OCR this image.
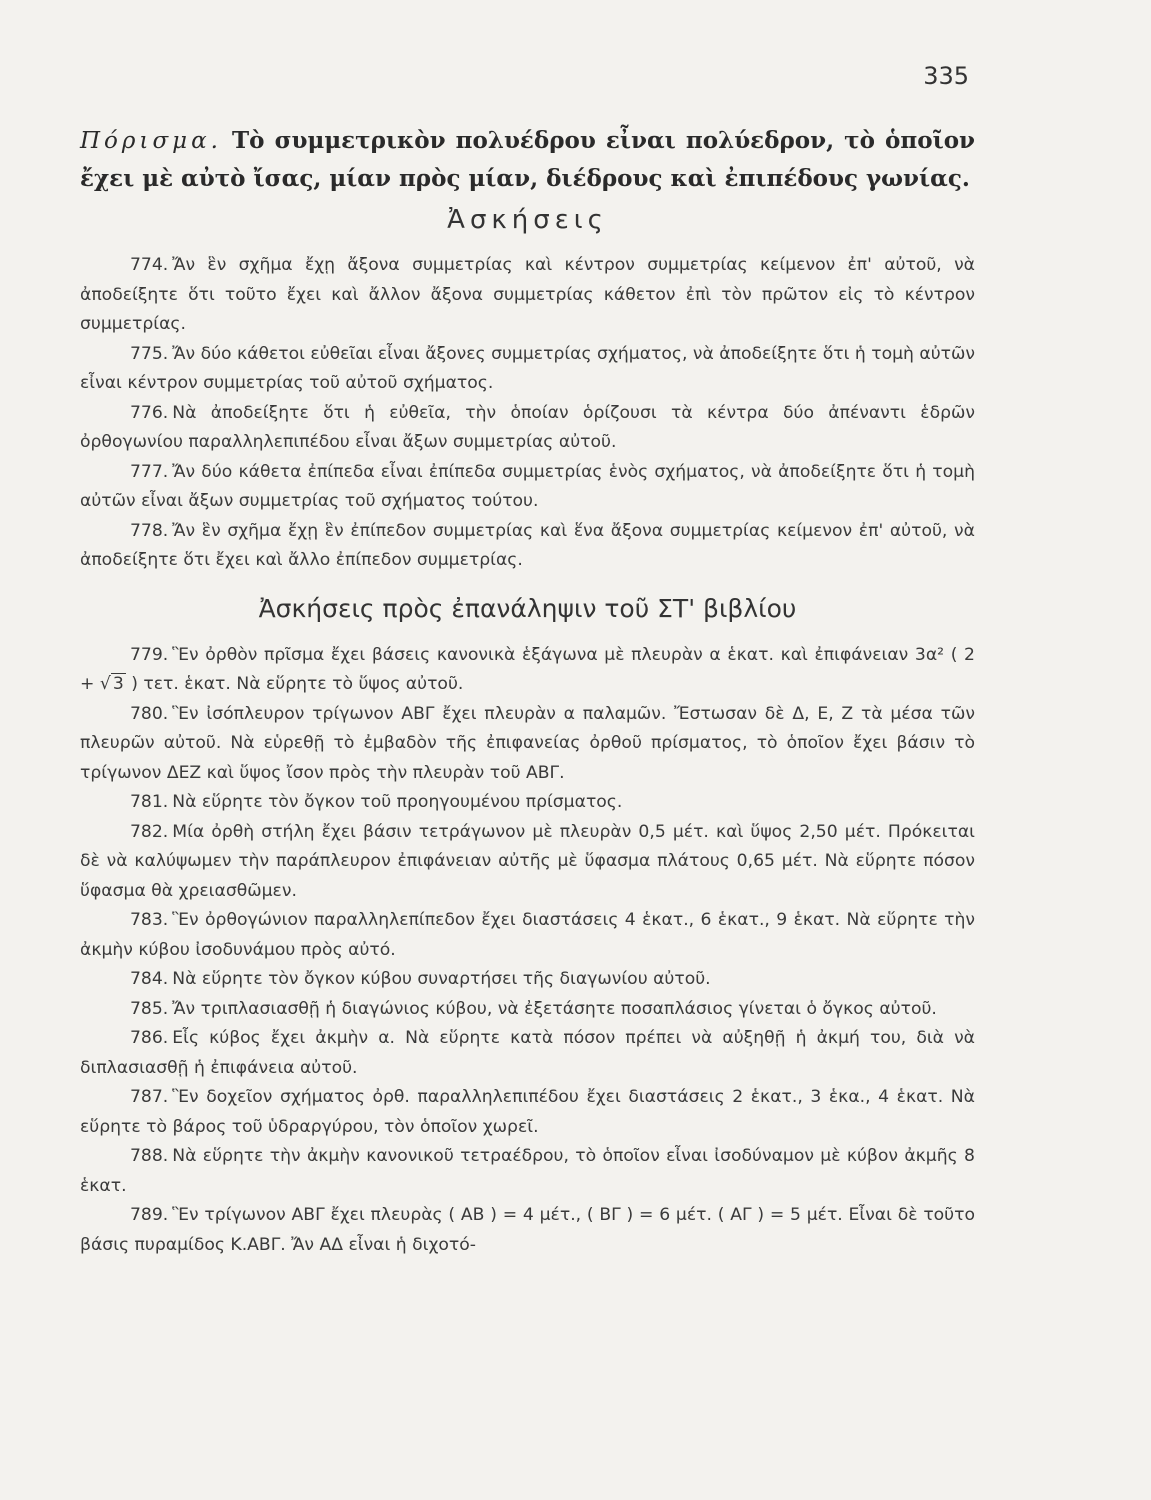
335

Πόρισμα. Τὸ συμμετρικὸν πολυέδρου εἶναι πολύεδρον, τὸ ὁποῖον ἔχει μὲ αὐτὸ ἴσας, μίαν πρὸς μίαν, διέδρους καὶ ἐπιπέδους γωνίας.

Ἀσκήσεις

774. Ἄν ἓν σχῆμα ἔχῃ ἄξονα συμμετρίας καὶ κέντρον συμμετρίας κείμενον ἐπ' αὐτοῦ, νὰ ἀποδείξητε ὅτι τοῦτο ἔχει καὶ ἄλλον ἄξονα συμμετρίας κάθετον ἐπὶ τὸν πρῶτον εἰς τὸ κέντρον συμμετρίας.

775. Ἄν δύο κάθετοι εὐθεῖαι εἶναι ἄξονες συμμετρίας σχήματος, νὰ ἀποδείξητε ὅτι ἡ τομὴ αὐτῶν εἶναι κέντρον συμμετρίας τοῦ αὐτοῦ σχήματος.

776. Νὰ ἀποδείξητε ὅτι ἡ εὐθεῖα, τὴν ὁποίαν ὁρίζουσι τὰ κέντρα δύο ἀπέναντι ἑδρῶν ὀρθογωνίου παραλληλεπιπέδου εἶναι ἄξων συμμετρίας αὐτοῦ.

777. Ἄν δύο κάθετα ἐπίπεδα εἶναι ἐπίπεδα συμμετρίας ἑνὸς σχήματος, νὰ ἀποδείξητε ὅτι ἡ τομὴ αὐτῶν εἶναι ἄξων συμμετρίας τοῦ σχήματος τούτου.

778. Ἄν ἓν σχῆμα ἔχῃ ἓν ἐπίπεδον συμμετρίας καὶ ἕνα ἄξονα συμμετρίας κείμενον ἐπ' αὐτοῦ, νὰ ἀποδείξητε ὅτι ἔχει καὶ ἄλλο ἐπίπεδον συμμετρίας.

Ἀσκήσεις πρὸς ἐπανάληψιν τοῦ ΣΤ' βιβλίου

779. Ἓν ὀρθὸν πρῖσμα ἔχει βάσεις κανονικὰ ἑξάγωνα μὲ πλευρὰν α ἑκατ. καὶ ἐπιφάνειαν 3α² ( 2 + √ 3 ) τετ. ἑκατ. Νὰ εὕρητε τὸ ὕψος αὐτοῦ.

780. Ἓν ἰσόπλευρον τρίγωνον ΑΒΓ ἔχει πλευρὰν α παλαμῶν. Ἔστωσαν δὲ Δ, Ε, Ζ τὰ μέσα τῶν πλευρῶν αὐτοῦ. Νὰ εὑρεθῇ τὸ ἐμβαδὸν τῆς ἐπιφανείας ὀρθοῦ πρίσματος, τὸ ὁποῖον ἔχει βάσιν τὸ τρίγωνον ΔΕΖ καὶ ὕψος ἴσον πρὸς τὴν πλευρὰν τοῦ ΑΒΓ.

781. Νὰ εὕρητε τὸν ὄγκον τοῦ προηγουμένου πρίσματος.

782. Μία ὀρθὴ στήλη ἔχει βάσιν τετράγωνον μὲ πλευρὰν 0,5 μέτ. καὶ ὕψος 2,50 μέτ. Πρόκειται δὲ νὰ καλύψωμεν τὴν παράπλευρον ἐπιφάνειαν αὐτῆς μὲ ὕφασμα πλάτους 0,65 μέτ. Νὰ εὕρητε πόσον ὕφασμα θὰ χρειασθῶμεν.

783. Ἓν ὀρθογώνιον παραλληλεπίπεδον ἔχει διαστάσεις 4 ἑκατ., 6 ἑκατ., 9 ἑκατ. Νὰ εὕρητε τὴν ἀκμὴν κύβου ἰσοδυνάμου πρὸς αὐτό.

784. Νὰ εὕρητε τὸν ὄγκον κύβου συναρτήσει τῆς διαγωνίου αὐτοῦ.

785. Ἄν τριπλασιασθῇ ἡ διαγώνιος κύβου, νὰ ἐξετάσητε ποσαπλάσιος γίνεται ὁ ὄγκος αὐτοῦ.

786. Εἷς κύβος ἔχει ἀκμὴν α. Νὰ εὕρητε κατὰ πόσον πρέπει νὰ αὐξηθῇ ἡ ἀκμή του, διὰ νὰ διπλασιασθῇ ἡ ἐπιφάνεια αὐτοῦ.

787. Ἓν δοχεῖον σχήματος ὀρθ. παραλληλεπιπέδου ἔχει διαστάσεις 2 ἑκατ., 3 ἑκα., 4 ἑκατ. Νὰ εὕρητε τὸ βάρος τοῦ ὑδραργύρου, τὸν ὁποῖον χωρεῖ.

788. Νὰ εὕρητε τὴν ἀκμὴν κανονικοῦ τετραέδρου, τὸ ὁποῖον εἶναι ἰσοδύναμον μὲ κύβον ἀκμῆς 8 ἑκατ.

789. Ἓν τρίγωνον ΑΒΓ ἔχει πλευρὰς ( ΑΒ ) = 4 μέτ., ( ΒΓ ) = 6 μέτ. ( ΑΓ ) = 5 μέτ. Εἶναι δὲ τοῦτο βάσις πυραμίδος Κ.ΑΒΓ. Ἄν ΑΔ εἶναι ἡ διχοτό-
